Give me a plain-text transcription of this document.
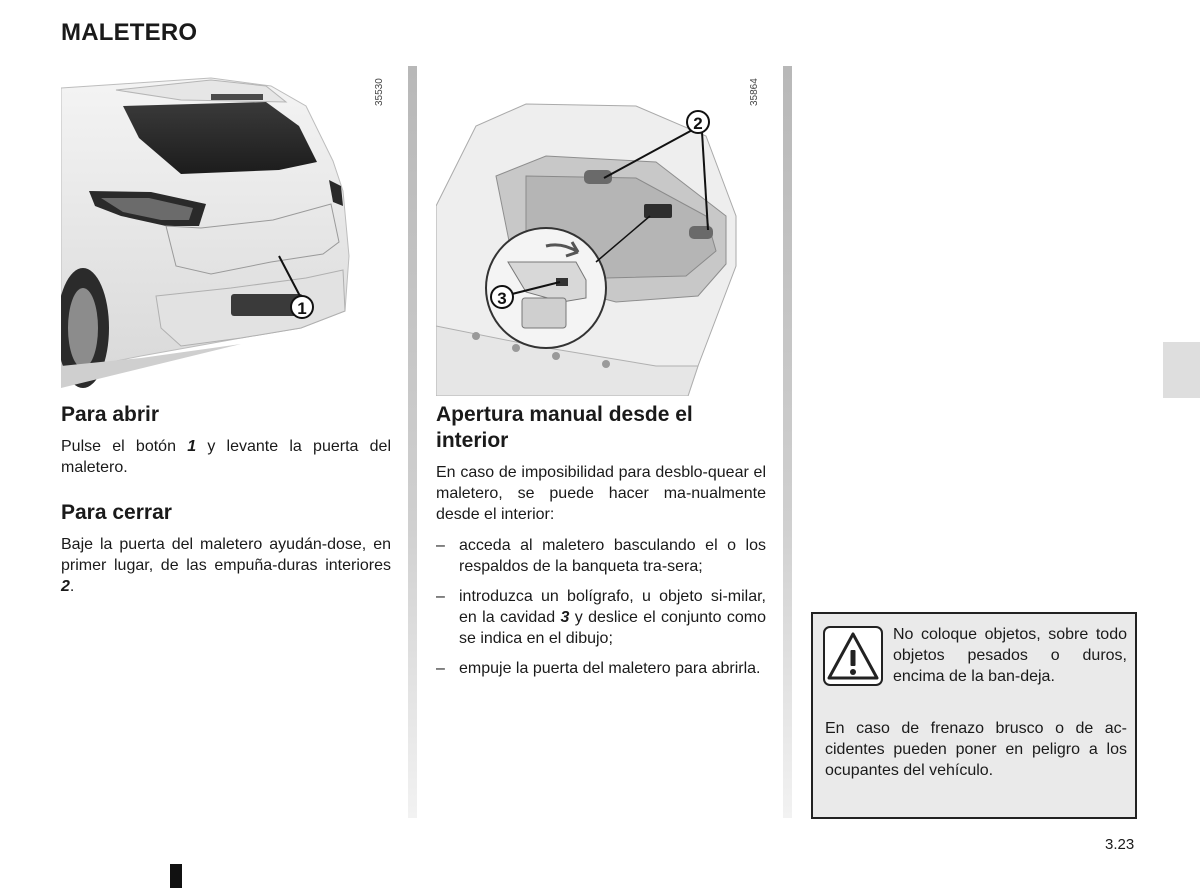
MALETERO
1
35530
2
3
35864
Para abrir

Pulse el botón 1 y levante la puerta del maletero.

Para cerrar

Baje la puerta del maletero ayudán-dose, en primer lugar, de las empuña-duras interiores 2.

Apertura manual desde el interior

En caso de imposibilidad para desblo-quear el maletero, se puede hacer ma-nualmente desde el interior:

– acceda al maletero basculando el o los respaldos de la banqueta tra-sera;
– introduzca un bolígrafo, u objeto si-milar, en la cavidad 3 y deslice el conjunto como se indica en el dibujo;
– empuje la puerta del maletero para abrirla.
No coloque objetos, sobre todo objetos pesados o duros, encima de la ban-deja.
En caso de frenazo brusco o de ac-cidentes pueden poner en peligro a los ocupantes del vehículo.
3.23
